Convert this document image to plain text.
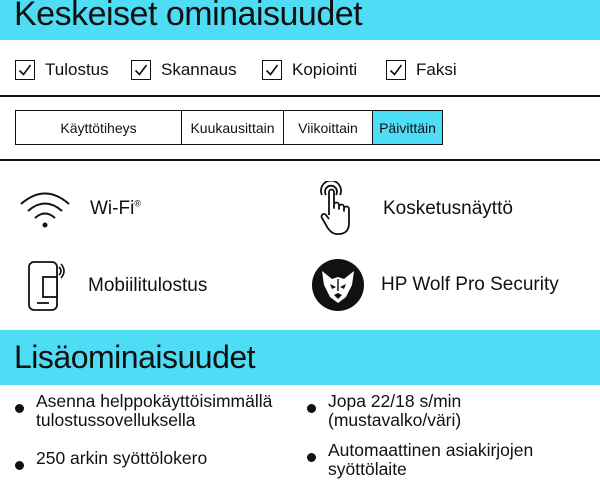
Keskeiset ominaisuudet
Tulostus	Skannaus	Kopiointi	Faksi
Käyttötiheys	Kuukausittain	Viikoittain	Päivittäin
Wi-Fi®	Kosketusnäyttö
Mobiilitulostus	HP Wolf Pro Security
Lisäominaisuudet
Asenna helppokäyttöisimmällä
tulostussovelluksella
250 arkin syöttölokero
Jopa 22/18 s/min
(mustavalko/väri)
Automaattinen asiakirjojen
syöttölaite
